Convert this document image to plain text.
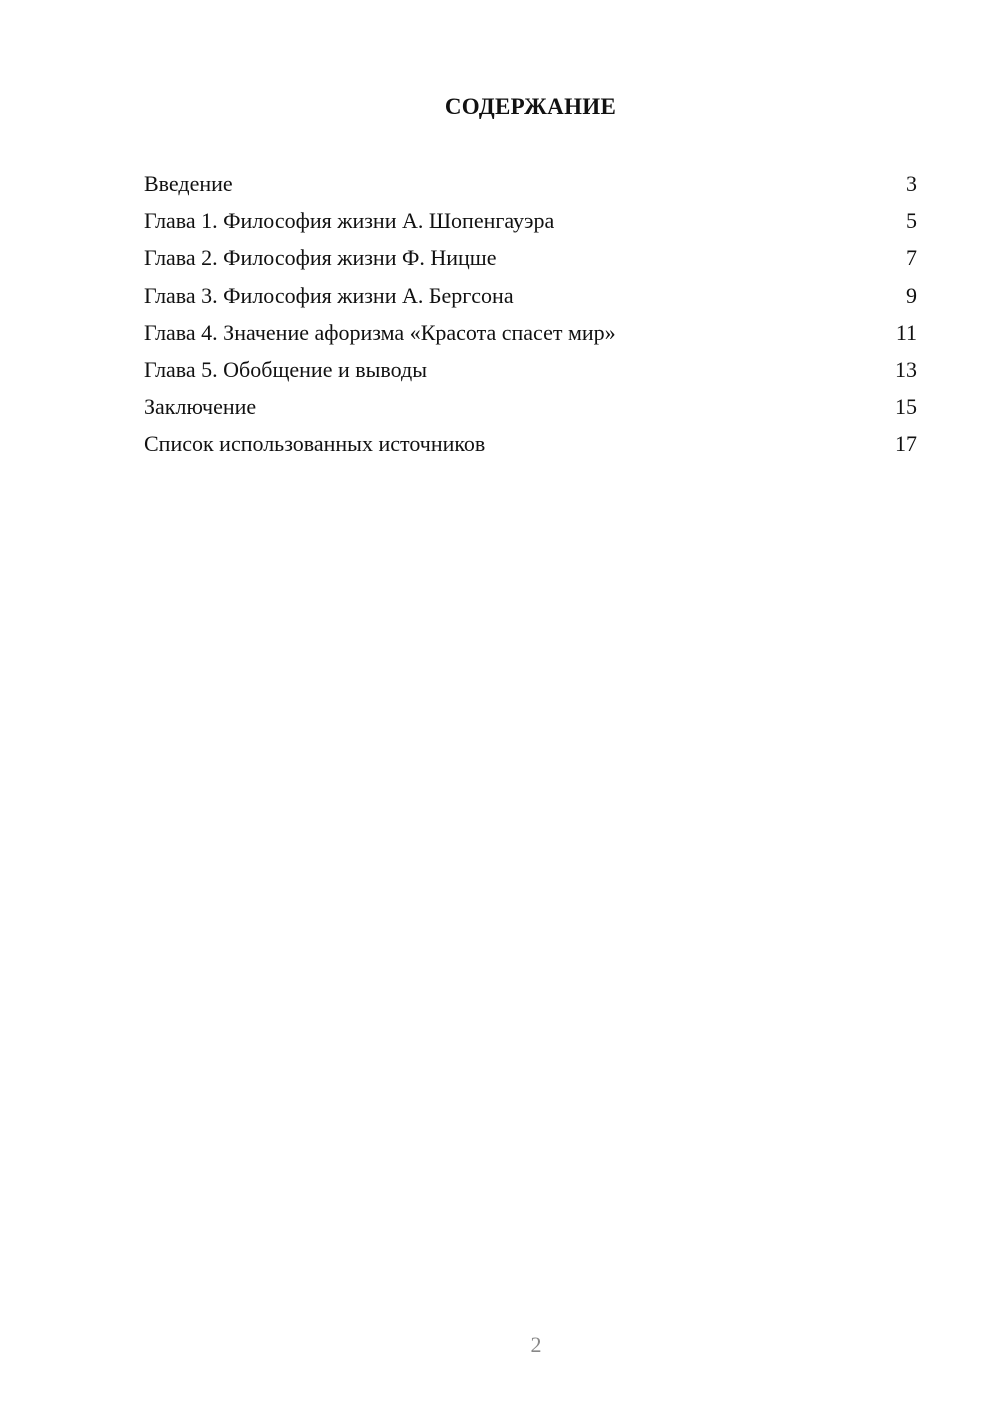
СОДЕРЖАНИЕ
Введение	3
Глава 1. Философия жизни А. Шопенгауэра	5
Глава 2. Философия жизни Ф. Ницше	7
Глава 3. Философия жизни А. Бергсона	9
Глава 4. Значение афоризма «Красота спасет мир»	11
Глава 5. Обобщение и выводы	13
Заключение	15
Список использованных источников	17
2
